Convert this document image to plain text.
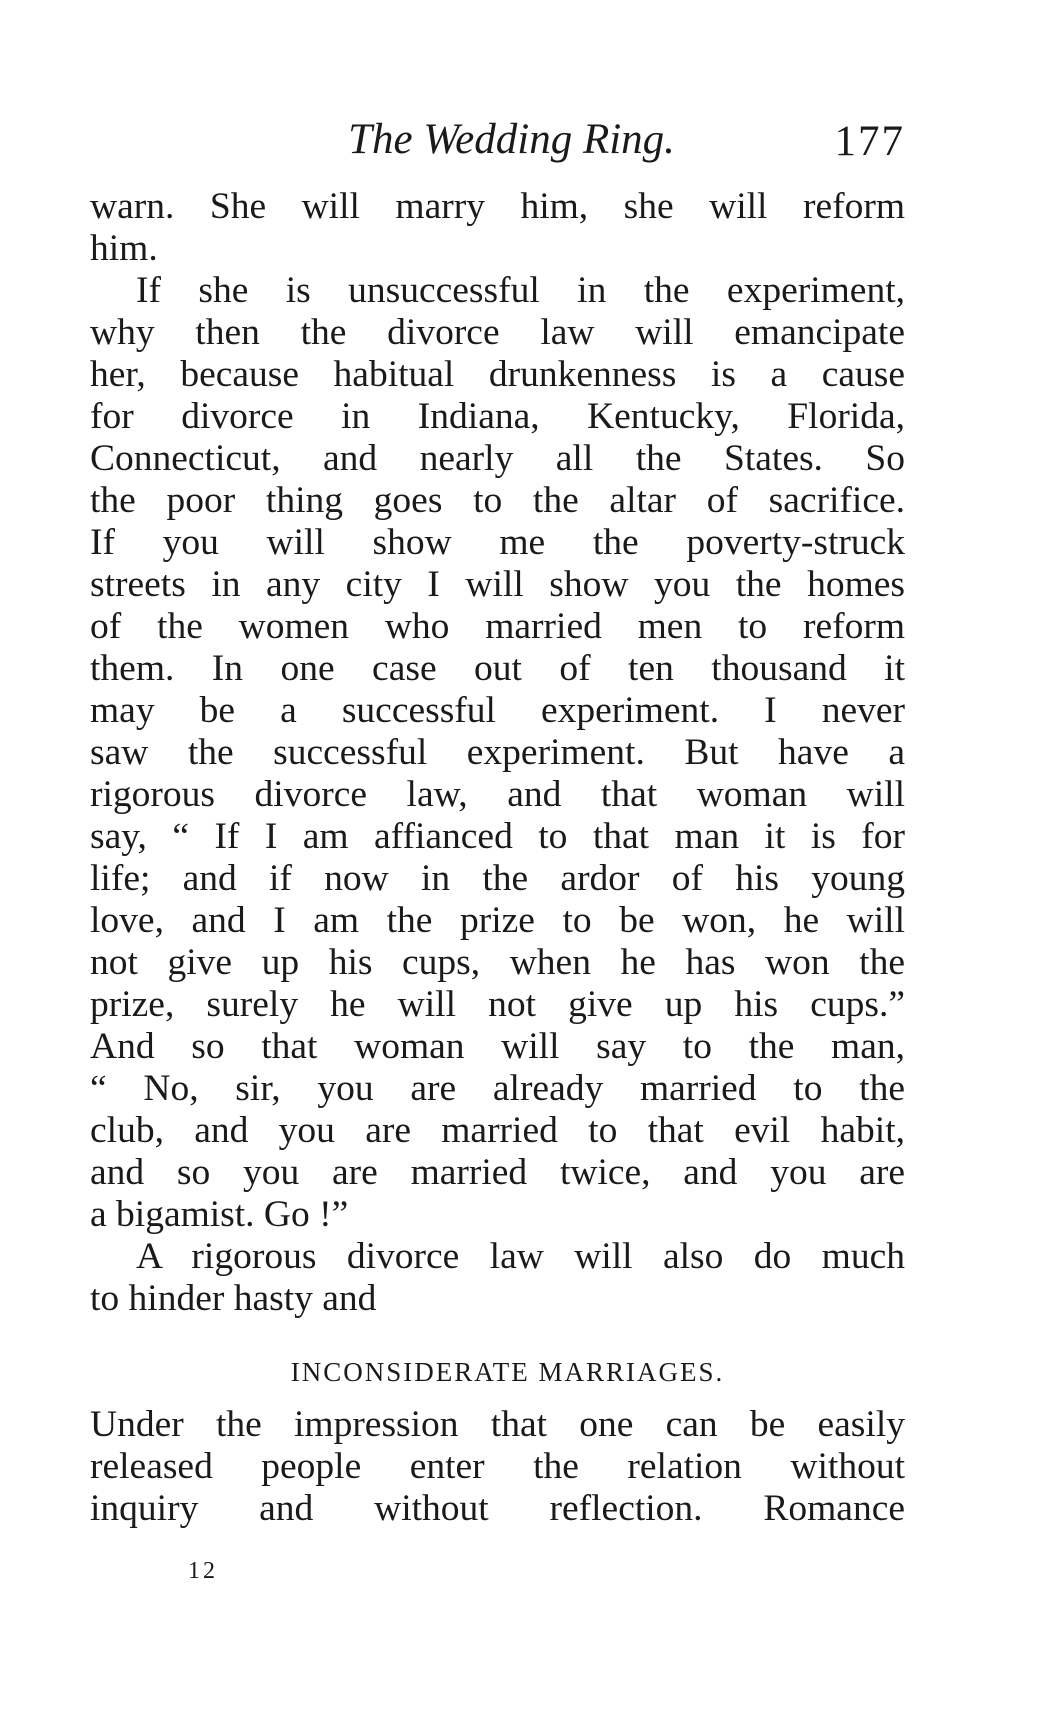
The Wedding Ring.	177
warn. She will marry him, she will reform
him.
If she is unsuccessful in the experiment,
why then the divorce law will emancipate
her, because habitual drunkenness is a cause
for divorce in Indiana, Kentucky, Florida,
Connecticut, and nearly all the States. So
the poor thing goes to the altar of sacrifice.
If you will show me the poverty-struck
streets in any city I will show you the homes
of the women who married men to reform
them. In one case out of ten thousand it
may be a successful experiment. I never
saw the successful experiment. But have a
rigorous divorce law, and that woman will
say, “ If I am affianced to that man it is for
life; and if now in the ardor of his young
love, and I am the prize to be won, he will
not give up his cups, when he has won the
prize, surely he will not give up his cups.”
And so that woman will say to the man,
“ No, sir, you are already married to the
club, and you are married to that evil habit,
and so you are married twice, and you are
a bigamist. Go !”
A rigorous divorce law will also do much
to hinder hasty and
INCONSIDERATE MARRIAGES.
Under the impression that one can be easily
released people enter the relation without
inquiry and without reflection. Romance
12
